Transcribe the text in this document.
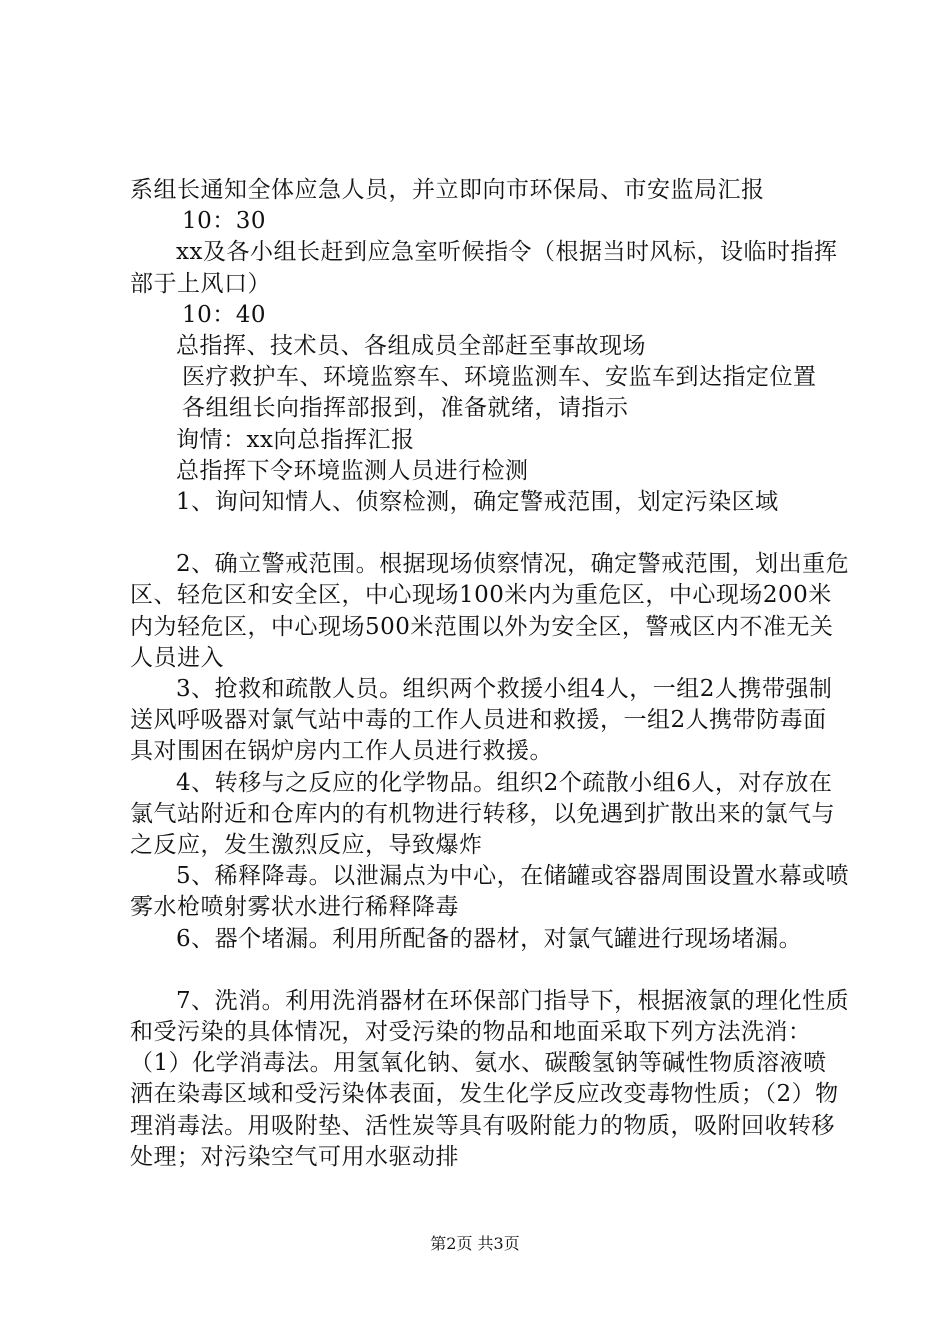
系组长通知全体应急人员，并立即向市环保局、市安监局汇报

10：30

xx及各小组长赶到应急室听候指令（根据当时风标，设临时指挥部于上风口）

10：40

总指挥、技术员、各组成员全部赶至事故现场

医疗救护车、环境监察车、环境监测车、安监车到达指定位置

各组组长向指挥部报到，准备就绪，请指示

询情：xx向总指挥汇报

总指挥下令环境监测人员进行检测

1、询问知情人、侦察检测，确定警戒范围，划定污染区域

2、确立警戒范围。根据现场侦察情况，确定警戒范围，划出重危区、轻危区和安全区，中心现场100米内为重危区，中心现场200米内为轻危区，中心现场500米范围以外为安全区，警戒区内不准无关人员进入

3、抢救和疏散人员。组织两个救援小组4人，一组2人携带强制送风呼吸器对氯气站中毒的工作人员进和救援，一组2人携带防毒面具对围困在锅炉房内工作人员进行救援。

4、转移与之反应的化学物品。组织2个疏散小组6人，对存放在氯气站附近和仓库内的有机物进行转移，以免遇到扩散出来的氯气与之反应，发生激烈反应，导致爆炸

5、稀释降毒。以泄漏点为中心，在储罐或容器周围设置水幕或喷雾水枪喷射雾状水进行稀释降毒

6、器个堵漏。利用所配备的器材，对氯气罐进行现场堵漏。

7、洗消。利用洗消器材在环保部门指导下，根据液氯的理化性质和受污染的具体情况，对受污染的物品和地面采取下列方法洗消：（1）化学消毒法。用氢氧化钠、氨水、碳酸氢钠等碱性物质溶液喷洒在染毒区域和受污染体表面，发生化学反应改变毒物性质；（2）物理消毒法。用吸附垫、活性炭等具有吸附能力的物质，吸附回收转移处理；对污染空气可用水驱动排

第2页 共3页
